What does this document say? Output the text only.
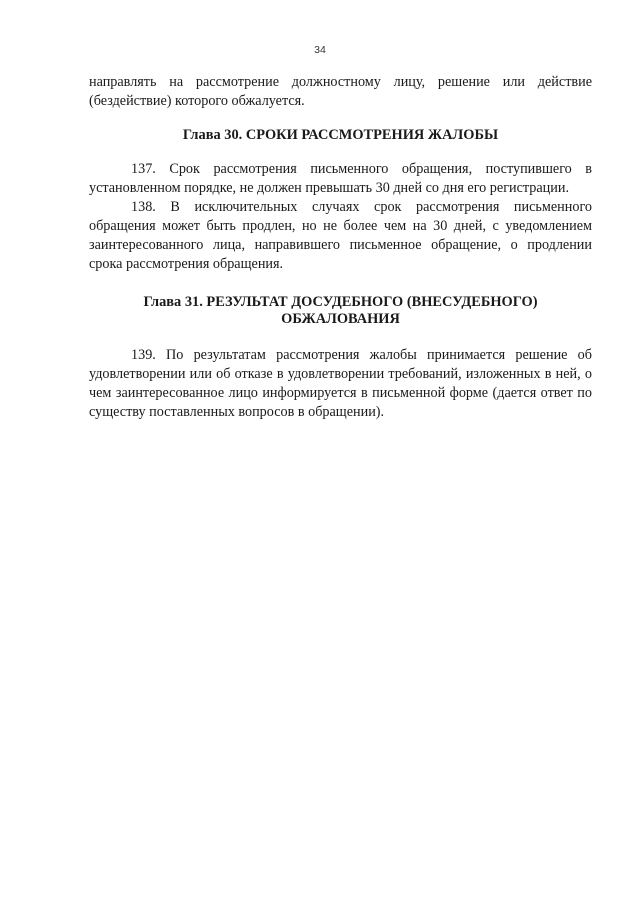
34

направлять на рассмотрение должностному лицу, решение или действие (бездействие) которого обжалуется.

Глава 30. СРОКИ РАССМОТРЕНИЯ ЖАЛОБЫ

137. Срок рассмотрения письменного обращения, поступившего в установленном порядке, не должен превышать 30 дней со дня его регистрации.

138. В исключительных случаях срок рассмотрения письменного обращения может быть продлен, но не более чем на 30 дней, с уведомлением заинтересованного лица, направившего письменное обращение, о продлении срока рассмотрения обращения.

Глава 31. РЕЗУЛЬТАТ ДОСУДЕБНОГО (ВНЕСУДЕБНОГО)
ОБЖАЛОВАНИЯ

139. По результатам рассмотрения жалобы принимается решение об удовлетворении или об отказе в удовлетворении требований, изложенных в ней, о чем заинтересованное лицо информируется в письменной форме (дается ответ по существу поставленных вопросов в обращении).
